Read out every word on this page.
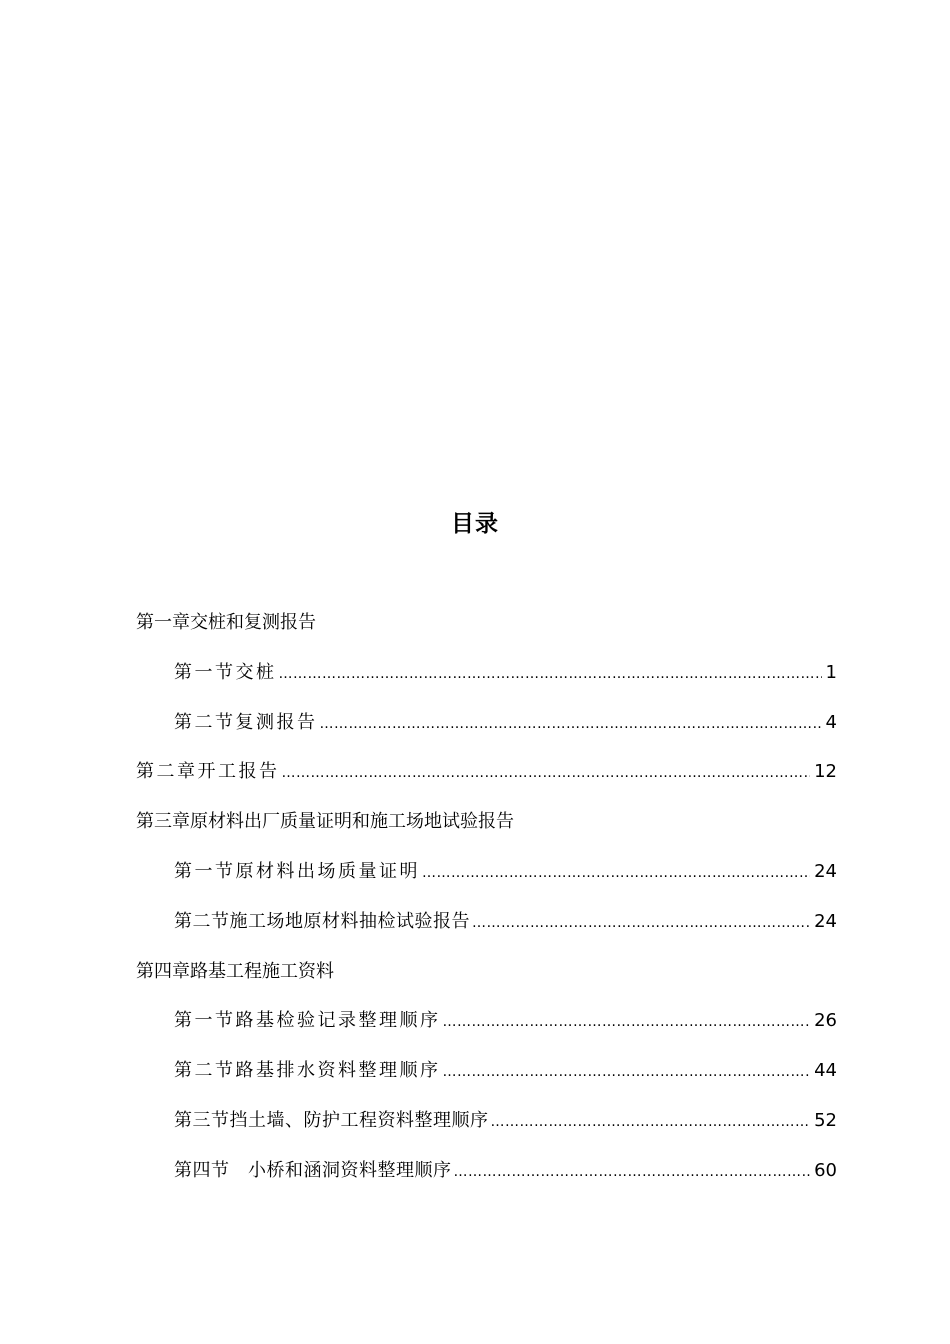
目录
第一章交桩和复测报告
第一节交桩 …………………………………………………………………………………………………………………………………………………………………………………………………………	1
第二节复测报告 …………………………………………………………………………………………………………………………………………………………………………………………………………	4
第二章开工报告 …………………………………………………………………………………………………………………………………………………………………………………………………………	12
第三章原材料出厂质量证明和施工场地试验报告
第一节原材料出场质量证明 …………………………………………………………………………………………………………………………………………………………………………………………………………	24
第二节施工场地原材料抽检试验报告 …………………………………………………………………………………………………………………………………………………………………………………………………………	24
第四章路基工程施工资料
第一节路基检验记录整理顺序 …………………………………………………………………………………………………………………………………………………………………………………………………………	26
第二节路基排水资料整理顺序 …………………………………………………………………………………………………………………………………………………………………………………………………………	44
第三节挡土墙、防护工程资料整理顺序 …………………………………………………………………………………………………………………………………………………………………………………………………………	52
第四节　小桥和涵洞资料整理顺序 …………………………………………………………………………………………………………………………………………………………………………………………………………	60
